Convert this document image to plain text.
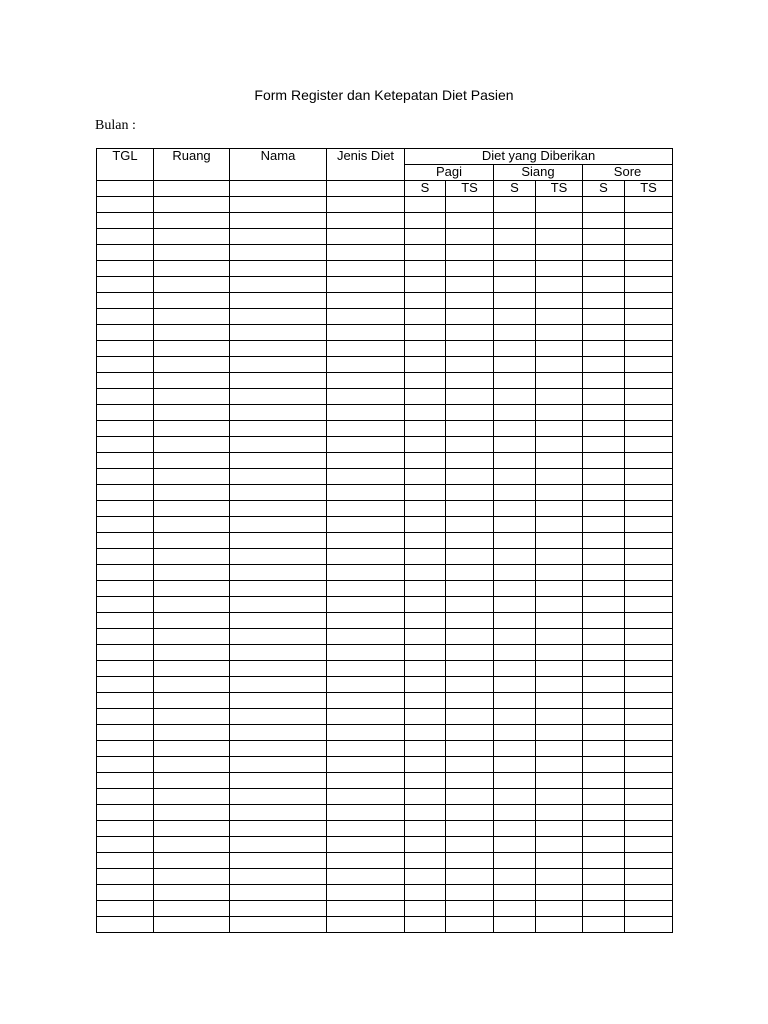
Form Register dan Ketepatan Diet Pasien
Bulan :
TGL	Ruang	Nama	Jenis Diet	Diet yang Diberikan					
				Pagi		Siang		Sore	
				S	TS	S	TS	S	TS
